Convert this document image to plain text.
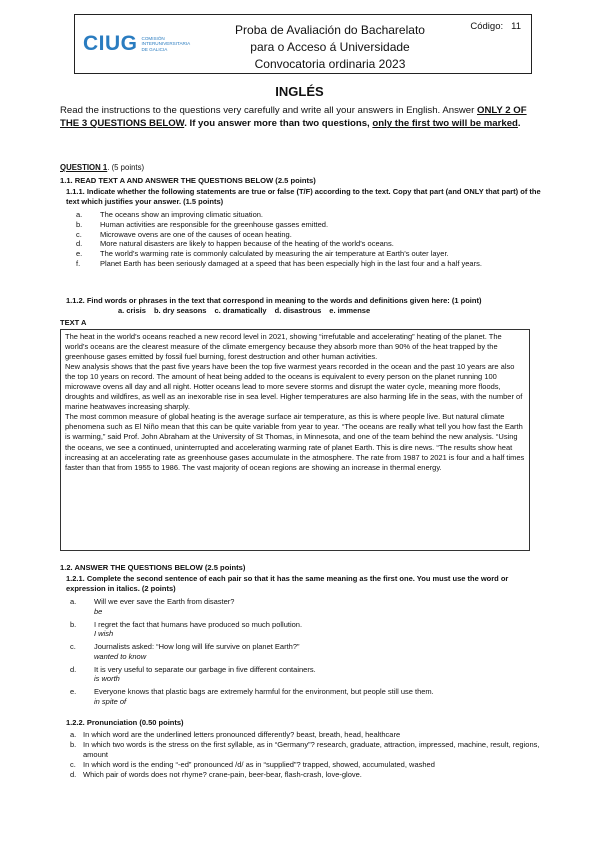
CIUG COMISIÓN
INTERUNIVERSITARIA
DE GALICIA
Proba de Avaliación do Bacharelato
para o Acceso á Universidade
Convocatoria ordinaria 2023
Código: 11
INGLÉS
Read the instructions to the questions very carefully and write all your answers in English. Answer ONLY 2 OF THE 3 QUESTIONS BELOW. If you answer more than two questions, only the first two will be marked.
QUESTION 1. (5 points)
1.1. READ TEXT A AND ANSWER THE QUESTIONS BELOW (2.5 points)
1.1.1. Indicate whether the following statements are true or false (T/F) according to the text. Copy that part (and ONLY that part) of the text which justifies your answer. (1.5 points)
a.	The oceans show an improving climatic situation.
b.	Human activities are responsible for the greenhouse gasses emitted.
c.	Microwave ovens are one of the causes of ocean heating.
d.	More natural disasters are likely to happen because of the heating of the world’s oceans.
e.	The world’s warming rate is commonly calculated by measuring the air temperature at Earth’s outer layer.
f.	Planet Earth has been seriously damaged at a speed that has been especially high in the last four and a half years.
1.1.2. Find words or phrases in the text that correspond in meaning to the words and definitions given here: (1 point)
a. crisis b. dry seasons c. dramatically d. disastrous e. immense
TEXT A

The heat in the world’s oceans reached a new record level in 2021, showing “irrefutable and accelerating” heating of the planet. The world’s oceans are the clearest measure of the climate emergency because they absorb more than 90% of the heat trapped by the greenhouse gases emitted by fossil fuel burning, forest destruction and other human activities.

New analysis shows that the past five years have been the top five warmest years recorded in the ocean and the past 10 years are also the top 10 years on record. The amount of heat being added to the oceans is equivalent to every person on the planet running 100 microwave ovens all day and all night. Hotter oceans lead to more severe storms and disrupt the water cycle, meaning more floods, droughts and wildfires, as well as an inexorable rise in sea level. Higher temperatures are also harming life in the seas, with the number of marine heatwaves increasing sharply.

The most common measure of global heating is the average surface air temperature, as this is where people live. But natural climate phenomena such as El Niño mean that this can be quite variable from year to year. “The oceans are really what tell you how fast the Earth is warming,” said Prof. John Abraham at the University of St Thomas, in Minnesota, and one of the team behind the new analysis. “Using the oceans, we see a continued, uninterrupted and accelerating warming rate of planet Earth. This is dire news. “The results show heat increasing at an accelerating rate as greenhouse gases accumulate in the atmosphere. The rate from 1987 to 2021 is four and a half times faster than that from 1955 to 1986. The vast majority of ocean regions are showing an increase in thermal energy.

1.2. ANSWER THE QUESTIONS BELOW (2.5 points)
1.2.1. Complete the second sentence of each pair so that it has the same meaning as the first one. You must use the word or expression in italics. (2 points)
a.	Will we ever save the Earth from disaster?
be
b.	I regret the fact that humans have produced so much pollution.
I wish
c.	Journalists asked: “How long will life survive on planet Earth?”
wanted to know
d.	It is very useful to separate our garbage in five different containers.
is worth
e.	Everyone knows that plastic bags are extremely harmful for the environment, but people still use them.
in spite of
1.2.2. Pronunciation (0.50 points)
a. In which word are the underlined letters pronounced differently? beast, breath, head, healthcare
b. In which two words is the stress on the first syllable, as in “Germany”? research, graduate, attraction, impressed, machine, result, regions, amount
c. In which word is the ending “-ed” pronounced /d/ as in “supplied”? trapped, showed, accumulated, washed
d. Which pair of words does not rhyme? crane-pain, beer-bear, flash-crash, love-glove.
